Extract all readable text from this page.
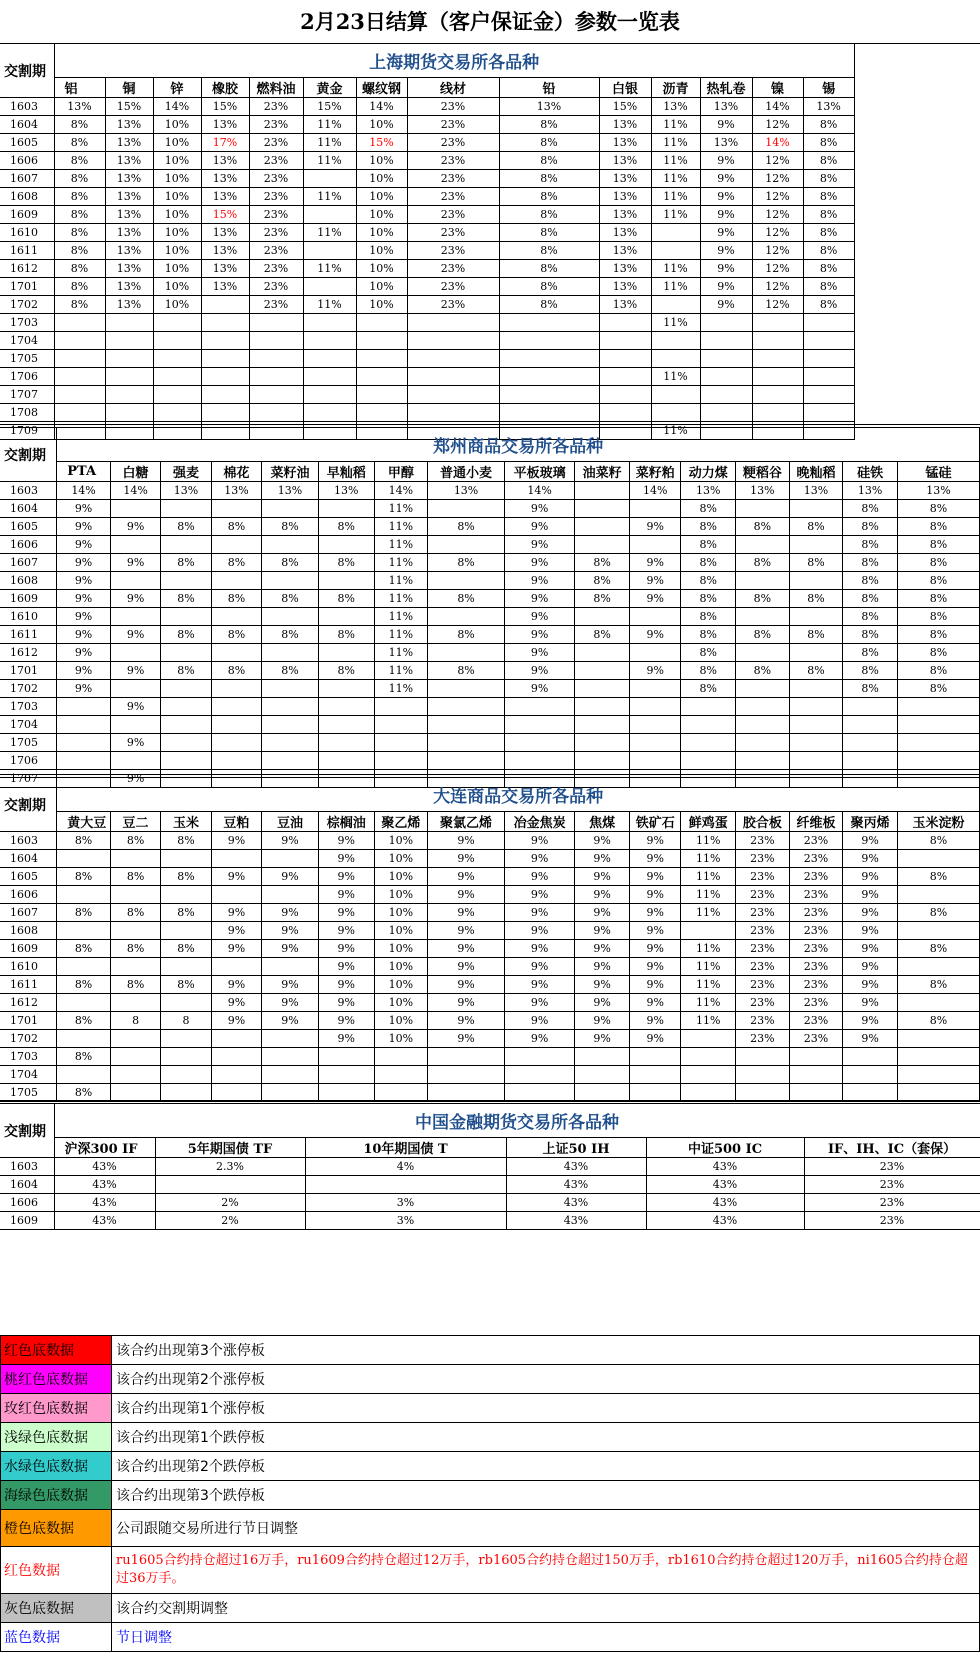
2月23日结算（客户保证金）参数一览表
交割期	上海期货交易所各品种													
	铝	铜	锌	橡胶	燃料油	黄金	螺纹钢	线材	铅	白银	沥青	热轧卷	镍	锡
1603	13%	15%	14%	15%	23%	15%	14%	23%	13%	15%	13%	13%	14%	13%
1604	8%	13%	10%	13%	23%	11%	10%	23%	8%	13%	11%	9%	12%	8%
1605	8%	13%	10%	17%	23%	11%	15%	23%	8%	13%	11%	13%	14%	8%
1606	8%	13%	10%	13%	23%	11%	10%	23%	8%	13%	11%	9%	12%	8%
1607	8%	13%	10%	13%	23%		10%	23%	8%	13%	11%	9%	12%	8%
1608	8%	13%	10%	13%	23%	11%	10%	23%	8%	13%	11%	9%	12%	8%
1609	8%	13%	10%	15%	23%		10%	23%	8%	13%	11%	9%	12%	8%
1610	8%	13%	10%	13%	23%	11%	10%	23%	8%	13%		9%	12%	8%
1611	8%	13%	10%	13%	23%		10%	23%	8%	13%		9%	12%	8%
1612	8%	13%	10%	13%	23%	11%	10%	23%	8%	13%	11%	9%	12%	8%
1701	8%	13%	10%	13%	23%		10%	23%	8%	13%	11%	9%	12%	8%
1702	8%	13%	10%		23%	11%	10%	23%	8%	13%		9%	12%	8%
1703											11%			
1704														
1705														
1706											11%			
1707														
1708														
1709											11%			
交割期	郑州商品交易所各品种															
	PTA	白糖	强麦	棉花	菜籽油	早籼稻	甲醇	普通小麦	平板玻璃	油菜籽	菜籽粕	动力煤	粳稻谷	晚籼稻	硅铁	锰硅
1603	14%	14%	13%	13%	13%	13%	14%	13%	14%		14%	13%	13%	13%	13%	13%
1604	9%						11%		9%			8%			8%	8%
1605	9%	9%	8%	8%	8%	8%	11%	8%	9%		9%	8%	8%	8%	8%	8%
1606	9%						11%		9%			8%			8%	8%
1607	9%	9%	8%	8%	8%	8%	11%	8%	9%	8%	9%	8%	8%	8%	8%	8%
1608	9%						11%		9%	8%	9%	8%			8%	8%
1609	9%	9%	8%	8%	8%	8%	11%	8%	9%	8%	9%	8%	8%	8%	8%	8%
1610	9%						11%		9%			8%			8%	8%
1611	9%	9%	8%	8%	8%	8%	11%	8%	9%	8%	9%	8%	8%	8%	8%	8%
1612	9%						11%		9%			8%			8%	8%
1701	9%	9%	8%	8%	8%	8%	11%	8%	9%		9%	8%	8%	8%	8%	8%
1702	9%						11%		9%			8%			8%	8%
1703		9%														
1704																
1705		9%														
1706																
1707		9%														
交割期	大连商品交易所各品种															
	黄大豆	豆二	玉米	豆粕	豆油	棕榈油	聚乙烯	聚氯乙烯	冶金焦炭	焦煤	铁矿石	鲜鸡蛋	胶合板	纤维板	聚丙烯	玉米淀粉
1603	8%	8%	8%	9%	9%	9%	10%	9%	9%	9%	9%	11%	23%	23%	9%	8%
1604						9%	10%	9%	9%	9%	9%	11%	23%	23%	9%	
1605	8%	8%	8%	9%	9%	9%	10%	9%	9%	9%	9%	11%	23%	23%	9%	8%
1606						9%	10%	9%	9%	9%	9%	11%	23%	23%	9%	
1607	8%	8%	8%	9%	9%	9%	10%	9%	9%	9%	9%	11%	23%	23%	9%	8%
1608				9%	9%	9%	10%	9%	9%	9%	9%		23%	23%	9%	
1609	8%	8%	8%	9%	9%	9%	10%	9%	9%	9%	9%	11%	23%	23%	9%	8%
1610						9%	10%	9%	9%	9%	9%	11%	23%	23%	9%	
1611	8%	8%	8%	9%	9%	9%	10%	9%	9%	9%	9%	11%	23%	23%	9%	8%
1612				9%	9%	9%	10%	9%	9%	9%	9%	11%	23%	23%	9%	
1701	8%	8	8	9%	9%	9%	10%	9%	9%	9%	9%	11%	23%	23%	9%	8%
1702						9%	10%	9%	9%	9%	9%		23%	23%	9%	
1703	8%															
1704																
1705	8%															
交割期	中国金融期货交易所各品种					
	沪深300 IF	5年期国债 TF	10年期国债 T	上证50 IH	中证500 IC	IF、IH、IC（套保）
1603	43%	2.3%	4%	43%	43%	23%
1604	43%			43%	43%	23%
1606	43%	2%	3%	43%	43%	23%
1609	43%	2%	3%	43%	43%	23%
红色底数据	该合约出现第3个涨停板
桃红色底数据	该合约出现第2个涨停板
玫红色底数据	该合约出现第1个涨停板
浅绿色底数据	该合约出现第1个跌停板
水绿色底数据	该合约出现第2个跌停板
海绿色底数据	该合约出现第3个跌停板
橙色底数据	公司跟随交易所进行节日调整
红色数据	ru1605合约持仓超过16万手，ru1609合约持仓超过12万手，rb1605合约持仓超过150万手，rb1610合约持仓超过120万手，ni1605合约持仓超过36万手。
灰色底数据	该合约交割期调整
蓝色数据	节日调整
